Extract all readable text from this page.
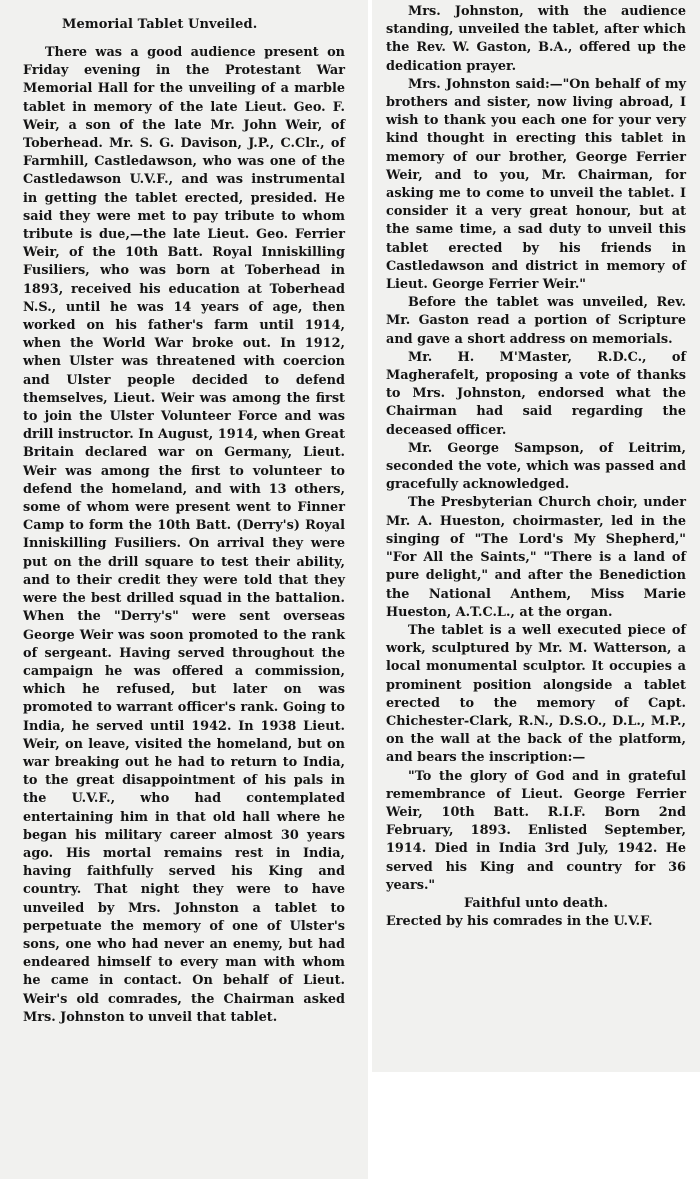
Memorial Tablet Unveiled.

There was a good audience present on Friday evening in the Protestant War Memorial Hall for the unveiling of a marble tablet in memory of the late Lieut. Geo. F. Weir, a son of the late Mr. John Weir, of Toberhead. Mr. S. G. Davison, J.P., C.Clr., of Farmhill, Castledawson, who was one of the Castledawson U.V.F., and was instrumental in getting the tablet erected, presided. He said they were met to pay tribute to whom tribute is due,—the late Lieut. Geo. Ferrier Weir, of the 10th Batt. Royal Inniskilling Fusiliers, who was born at Toberhead in 1893, received his education at Toberhead N.S., until he was 14 years of age, then worked on his father's farm until 1914, when the World War broke out. In 1912, when Ulster was threatened with coercion and Ulster people decided to defend themselves, Lieut. Weir was among the first to join the Ulster Volunteer Force and was drill instructor. In August, 1914, when Great Britain declared war on Germany, Lieut. Weir was among the first to volunteer to defend the homeland, and with 13 others, some of whom were present went to Finner Camp to form the 10th Batt. (Derry's) Royal Inniskilling Fusiliers. On arrival they were put on the drill square to test their ability, and to their credit they were told that they were the best drilled squad in the battalion. When the "Derry's" were sent overseas George Weir was soon promoted to the rank of sergeant. Having served throughout the campaign he was offered a commission, which he refused, but later on was promoted to warrant officer's rank. Going to India, he served until 1942. In 1938 Lieut. Weir, on leave, visited the homeland, but on war breaking out he had to return to India, to the great disappointment of his pals in the U.V.F., who had contemplated entertaining him in that old hall where he began his military career almost 30 years ago. His mortal remains rest in India, having faithfully served his King and country. That night they were to have unveiled by Mrs. Johnston a tablet to perpetuate the memory of one of Ulster's sons, one who had never an enemy, but had endeared himself to every man with whom he came in contact. On behalf of Lieut. Weir's old comrades, the Chairman asked Mrs. Johnston to unveil that tablet.

Mrs. Johnston, with the audience standing, unveiled the tablet, after which the Rev. W. Gaston, B.A., offered up the dedication prayer.

Mrs. Johnston said:—"On behalf of my brothers and sister, now living abroad, I wish to thank you each one for your very kind thought in erecting this tablet in memory of our brother, George Ferrier Weir, and to you, Mr. Chairman, for asking me to come to unveil the tablet. I consider it a very great honour, but at the same time, a sad duty to unveil this tablet erected by his friends in Castledawson and district in memory of Lieut. George Ferrier Weir."

Before the tablet was unveiled, Rev. Mr. Gaston read a portion of Scripture and gave a short address on memorials.

Mr. H. M'Master, R.D.C., of Magherafelt, proposing a vote of thanks to Mrs. Johnston, endorsed what the Chairman had said regarding the deceased officer.

Mr. George Sampson, of Leitrim, seconded the vote, which was passed and gracefully acknowledged.

The Presbyterian Church choir, under Mr. A. Hueston, choirmaster, led in the singing of "The Lord's My Shepherd," "For All the Saints," "There is a land of pure delight," and after the Benediction the National Anthem, Miss Marie Hueston, A.T.C.L., at the organ.

The tablet is a well executed piece of work, sculptured by Mr. M. Watterson, a local monumental sculptor. It occupies a prominent position alongside a tablet erected to the memory of Capt. Chichester-Clark, R.N., D.S.O., D.L., M.P., on the wall at the back of the platform, and bears the inscription:—

"To the glory of God and in grateful remembrance of Lieut. George Ferrier Weir, 10th Batt. R.I.F. Born 2nd February, 1893. Enlisted September, 1914. Died in India 3rd July, 1942. He served his King and country for 36 years."

Faithful unto death.

Erected by his comrades in the U.V.F.
